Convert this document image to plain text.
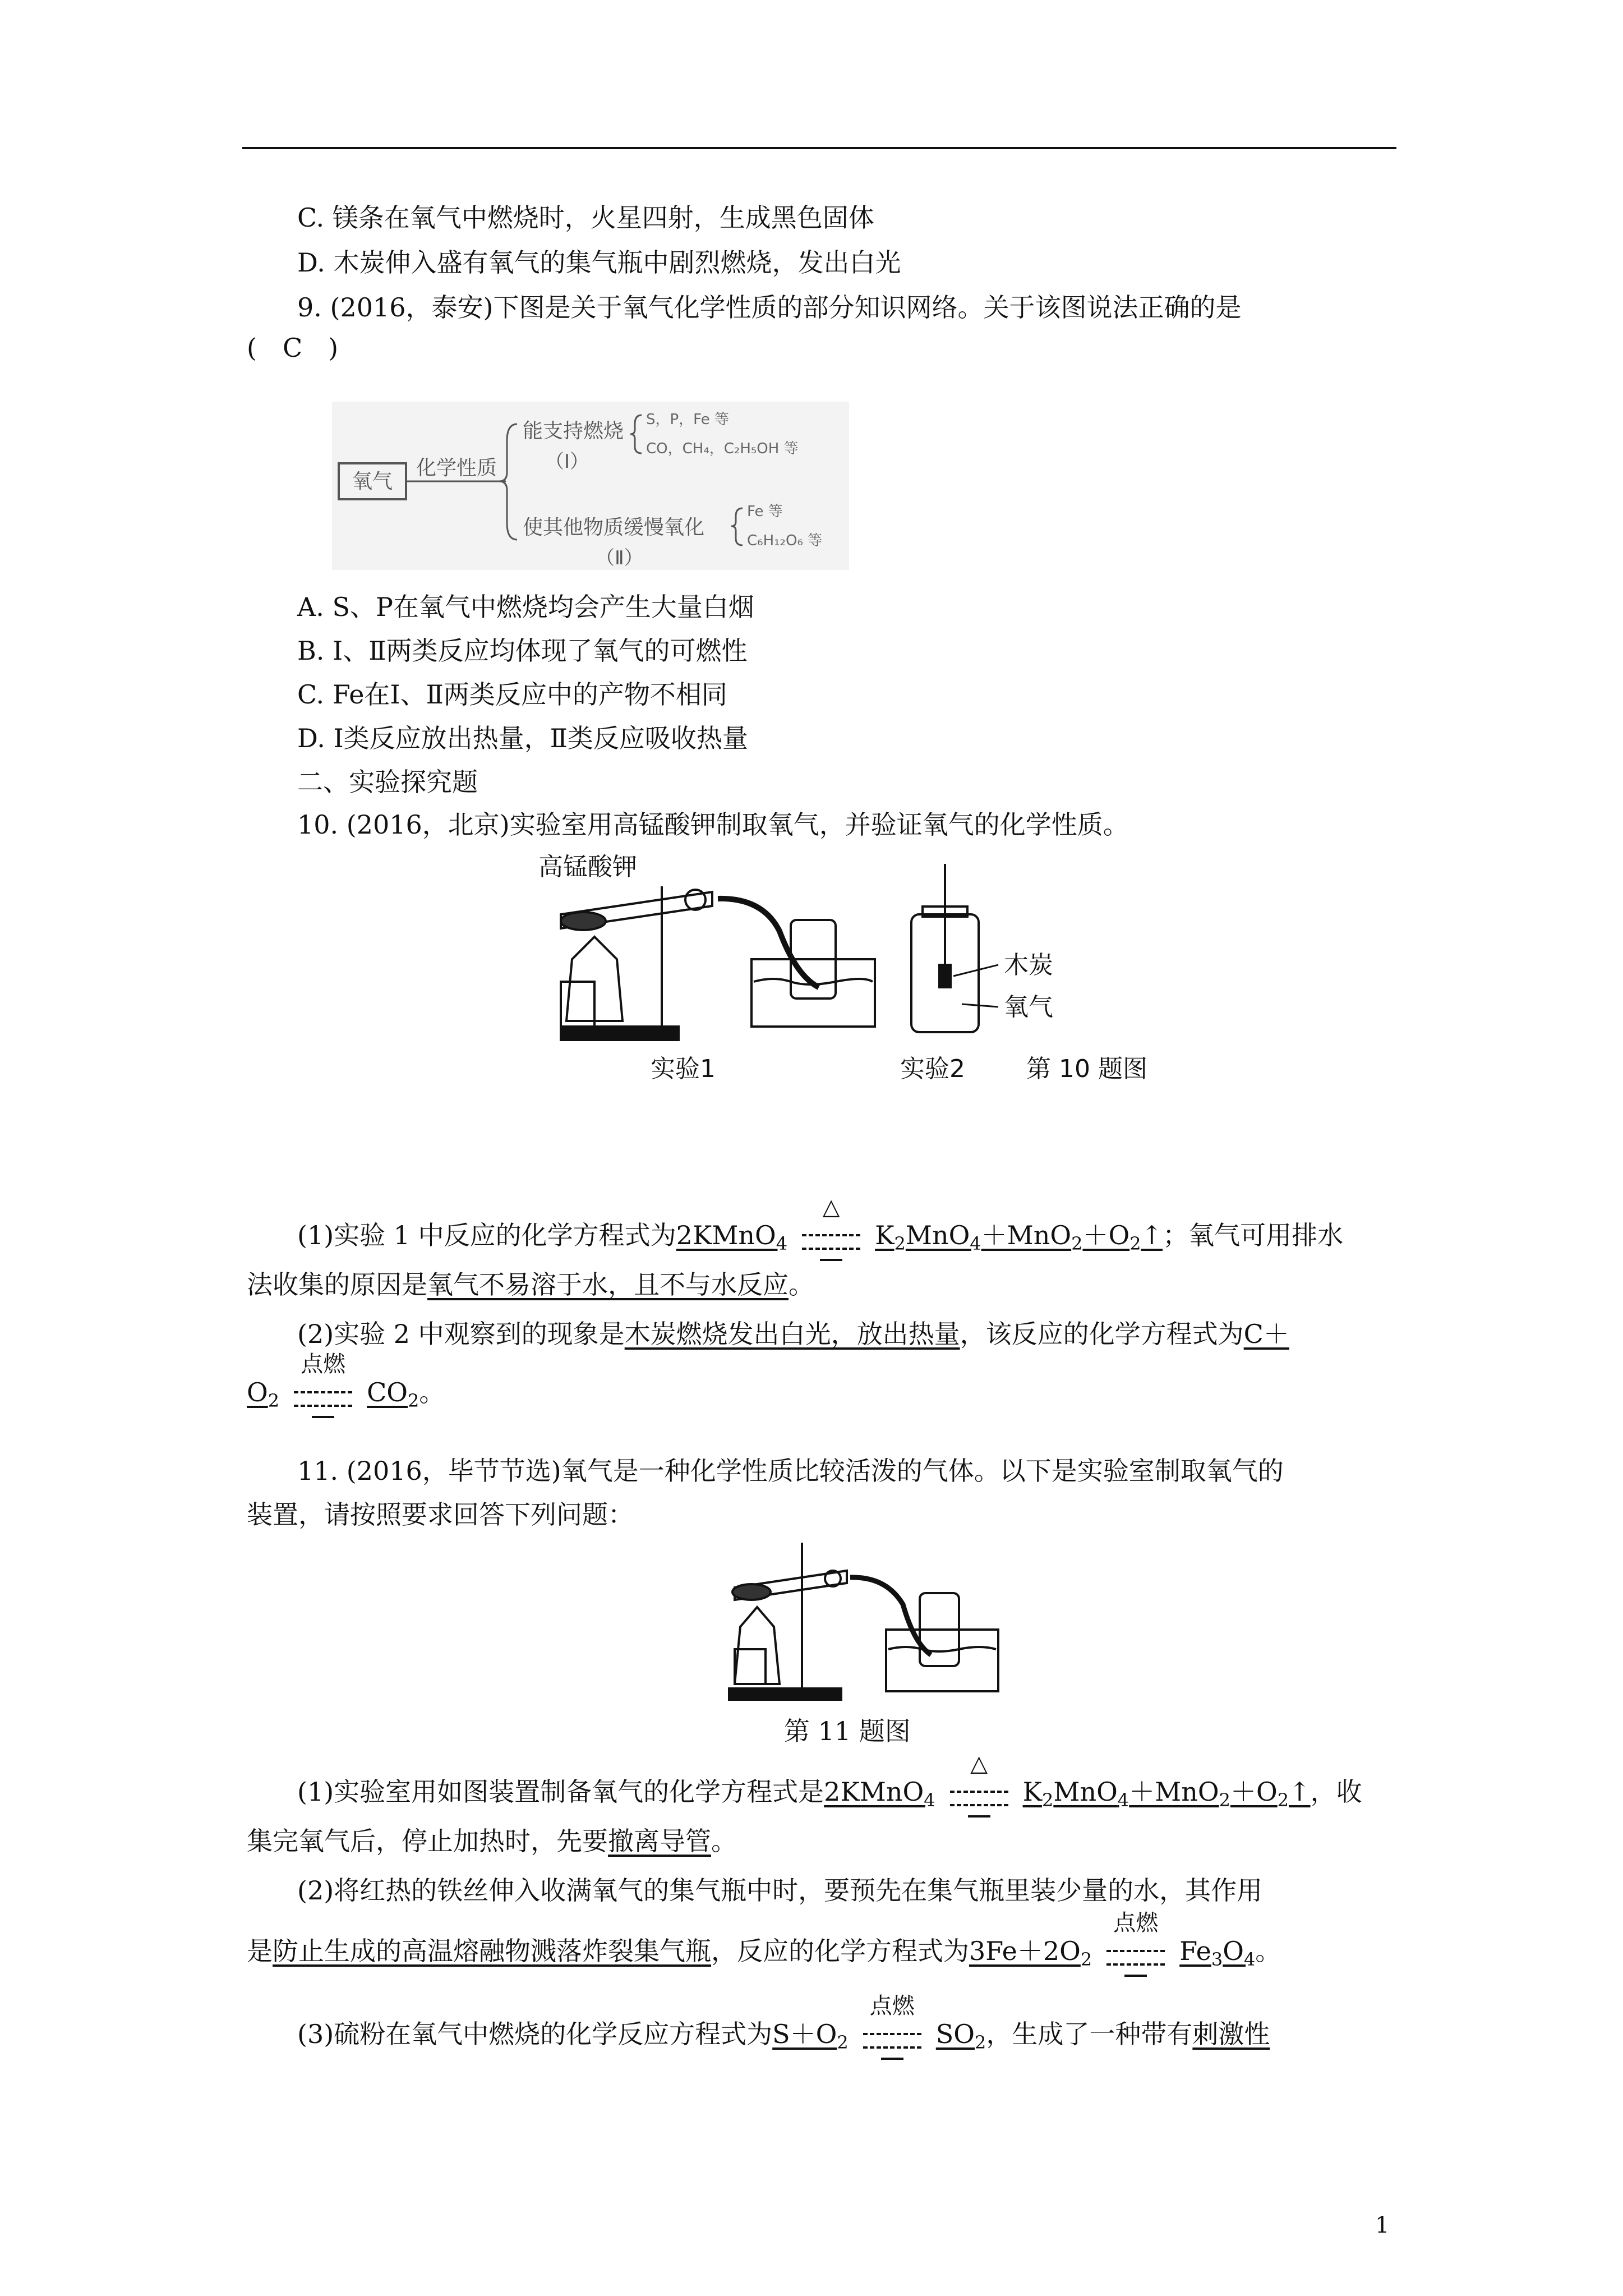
C. 镁条在氧气中燃烧时，火星四射，生成黑色固体
D. 木炭伸入盛有氧气的集气瓶中剧烈燃烧，发出白光
9. (2016，泰安)下图是关于氧气化学性质的部分知识网络。关于该图说法正确的是
(　C　)
氧气
化学性质
能支持燃烧
（Ⅰ）
S，P，Fe 等
CO，CH₄，C₂H₅OH 等
使其他物质缓慢氧化
（Ⅱ）
Fe 等
C₆H₁₂O₆ 等
A. S、P在氧气中燃烧均会产生大量白烟
B. Ⅰ、Ⅱ两类反应均体现了氧气的可燃性
C. Fe在Ⅰ、Ⅱ两类反应中的产物不相同
D. Ⅰ类反应放出热量，Ⅱ类反应吸收热量
二、实验探究题
10. (2016，北京)实验室用高锰酸钾制取氧气，并验证氧气的化学性质。
高锰酸钾
木炭
氧气
实验1	实验2 第 10 题图
(1)实验 1 中反应的化学方程式为2KMnO$_4$
△
$K_2MnO_4+MnO_2+O_2↑$；氧气可用排水
法收集的原因是氧气不易溶于水，且不与水反应。
(2)实验 2 中观察到的现象是木炭燃烧发出白光，放出热量，该反应的化学方程式为C＋
$O_2$
点燃
$CO_2$。
11. (2016，毕节节选)氧气是一种化学性质比较活泼的气体。以下是实验室制取氧气的
装置，请按照要求回答下列问题：
第 11 题图
(1)实验室用如图装置制备氧气的化学方程式是2KMnO$_4$
△
$K_2MnO_4+MnO_2+O_2↑$，收
集完氧气后，停止加热时，先要撤离导管。
(2)将红热的铁丝伸入收满氧气的集气瓶中时，要预先在集气瓶里装少量的水，其作用
是防止生成的高温熔融物溅落炸裂集气瓶，反应的化学方程式为$3Fe+2O_2$
点燃
$Fe_3O_4$。
(3)硫粉在氧气中燃烧的化学反应方程式为$S+O_2$
点燃
$SO_2$，生成了一种带有刺激性
1
